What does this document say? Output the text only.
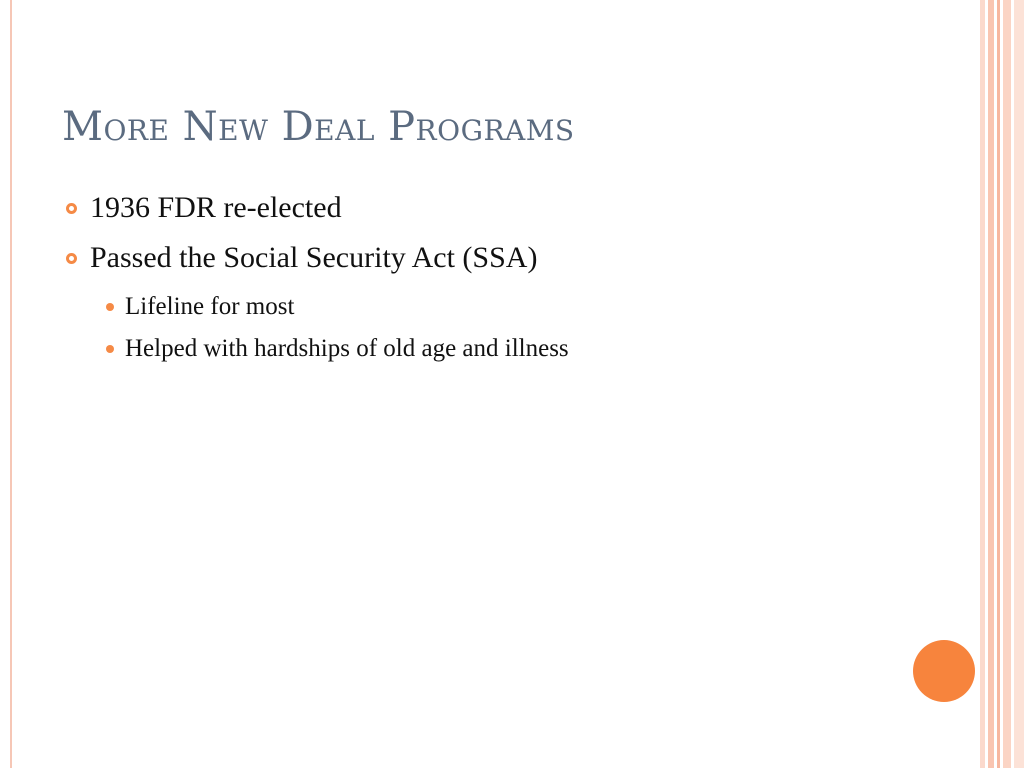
More New Deal Programs
1936 FDR re-elected
Passed the Social Security Act (SSA)
Lifeline for most
Helped with hardships of old age and illness
